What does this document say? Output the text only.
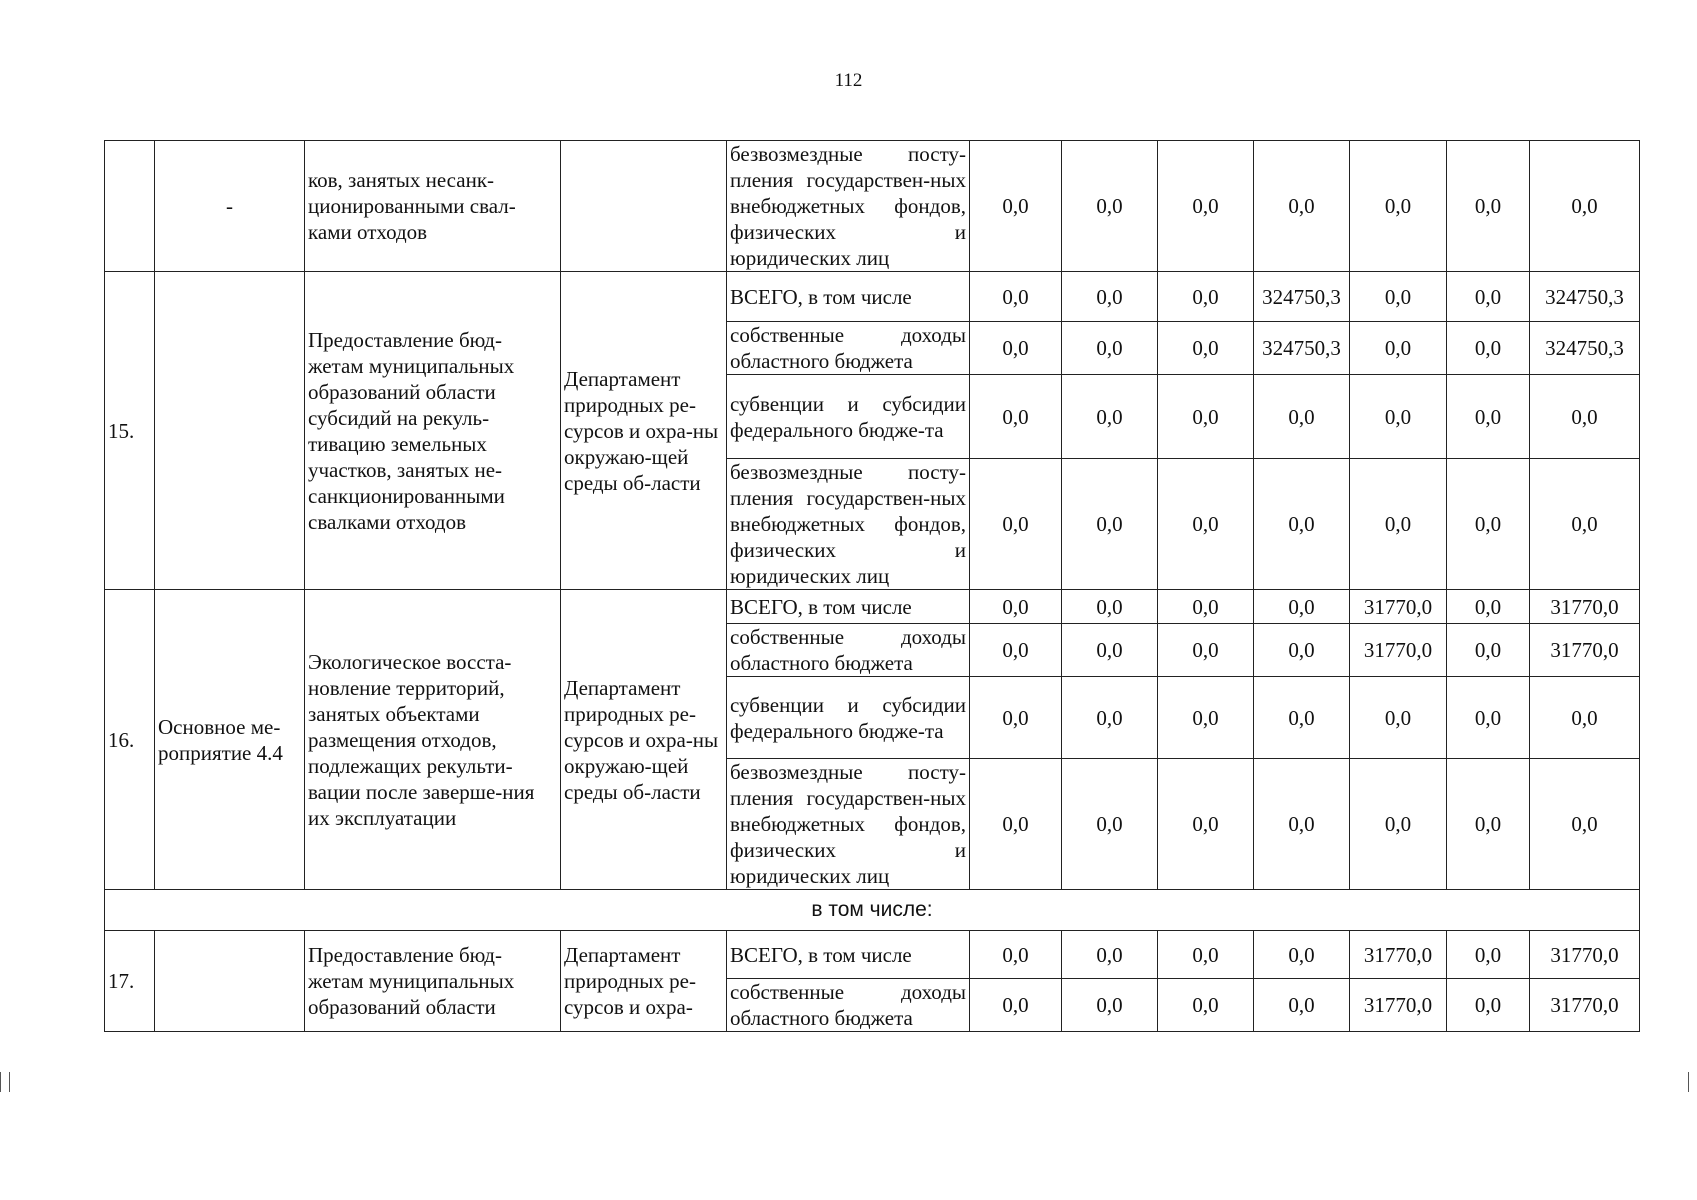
112

	-	ков, занятых несанк-ционированными свал-ками отходов		безвозмездные посту-пления государствен-ных внебюджетных фондов, физических и юридических лиц	0,0	0,0	0,0	0,0	0,0	0,0	0,0
15.		Предоставление бюд-жетам муниципальных образований области субсидий на рекуль-тивацию земельных участков, занятых не-санкционированными свалками отходов	Департамент природных ре-сурсов и охра-ны окружаю-щей среды об-ласти	ВСЕГО, в том числе	0,0	0,0	0,0	324750,3	0,0	0,0	324750,3
				собственные доходы областного бюджета	0,0	0,0	0,0	324750,3	0,0	0,0	324750,3
				субвенции и субсидии федерального бюдже-та	0,0	0,0	0,0	0,0	0,0	0,0	0,0
				безвозмездные посту-пления государствен-ных внебюджетных фондов, физических и юридических лиц	0,0	0,0	0,0	0,0	0,0	0,0	0,0
16.	Основное ме-роприятие 4.4	Экологическое восста-новление территорий, занятых объектами размещения отходов, подлежащих рекульти-вации после заверше-ния их эксплуатации	Департамент природных ре-сурсов и охра-ны окружаю-щей среды об-ласти	ВСЕГО, в том числе	0,0	0,0	0,0	0,0	31770,0	0,0	31770,0
				собственные доходы областного бюджета	0,0	0,0	0,0	0,0	31770,0	0,0	31770,0
				субвенции и субсидии федерального бюдже-та	0,0	0,0	0,0	0,0	0,0	0,0	0,0
				безвозмездные посту-пления государствен-ных внебюджетных фондов, физических и юридических лиц	0,0	0,0	0,0	0,0	0,0	0,0	0,0
в том числе:											
17.		Предоставление бюд-жетам муниципальных образований области	Департамент природных ре-сурсов и охра-	ВСЕГО, в том числе	0,0	0,0	0,0	0,0	31770,0	0,0	31770,0
				собственные доходы областного бюджета	0,0	0,0	0,0	0,0	31770,0	0,0	31770,0
